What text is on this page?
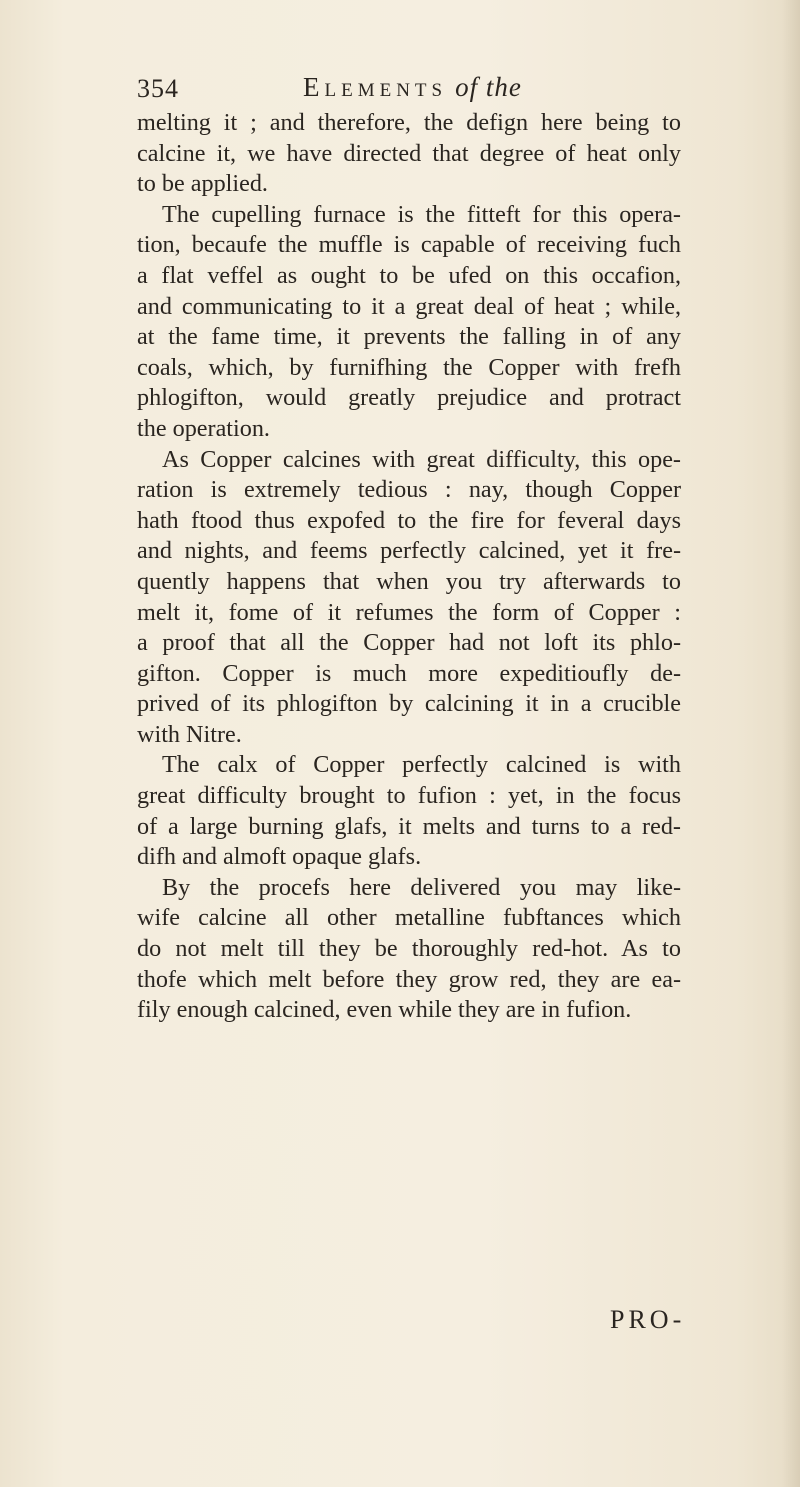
354	Elements of the
melting it ; and therefore, the defign here being to
calcine it, we have directed that degree of heat only
to be applied.
The cupelling furnace is the fitteft for this opera-
tion, becaufe the muffle is capable of receiving fuch
a flat veffel as ought to be ufed on this occafion,
and communicating to it a great deal of heat ; while,
at the fame time, it prevents the falling in of any
coals, which, by furnifhing the Copper with frefh
phlogifton, would greatly prejudice and protract
the operation.
As Copper calcines with great difficulty, this ope-
ration is extremely tedious : nay, though Copper
hath ftood thus expofed to the fire for feveral days
and nights, and feems perfectly calcined, yet it fre-
quently happens that when you try afterwards to
melt it, fome of it refumes the form of Copper :
a proof that all the Copper had not loft its phlo-
gifton. Copper is much more expeditioufly de-
prived of its phlogifton by calcining it in a crucible
with Nitre.
The calx of Copper perfectly calcined is with
great difficulty brought to fufion : yet, in the focus
of a large burning glafs, it melts and turns to a red-
difh and almoft opaque glafs.
By the procefs here delivered you may like-
wife calcine all other metalline fubftances which
do not melt till they be thoroughly red-hot. As to
thofe which melt before they grow red, they are ea-
fily enough calcined, even while they are in fufion.
PRO-
